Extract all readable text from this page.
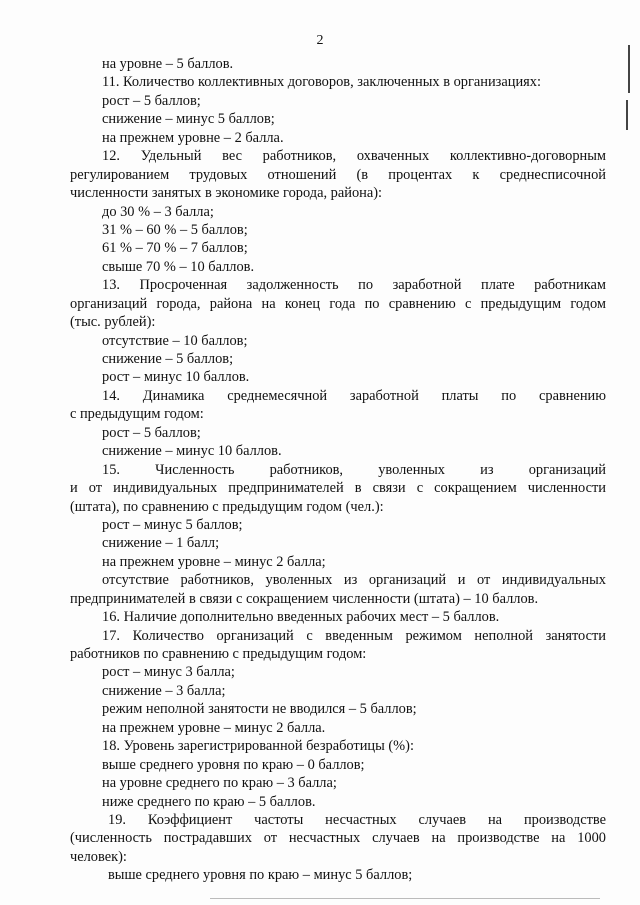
2
на уровне – 5 баллов.
11. Количество коллективных договоров, заключенных в организациях:
рост – 5 баллов;
снижение – минус 5 баллов;
на прежнем уровне – 2 балла.
12. Удельный вес работников, охваченных коллективно-договорным
регулированием трудовых отношений (в процентах к среднесписочной
численности занятых в экономике города, района):
до 30 % – 3 балла;
31 % – 60 % – 5 баллов;
61 % – 70 % – 7 баллов;
свыше 70 % – 10 баллов.
13. Просроченная задолженность по заработной плате работникам
организаций города, района на конец года по сравнению с предыдущим годом
(тыс. рублей):
отсутствие – 10 баллов;
снижение – 5 баллов;
рост – минус 10 баллов.
14. Динамика среднемесячной заработной платы по сравнению
с предыдущим годом:
рост – 5 баллов;
снижение – минус 10 баллов.
15. Численность работников, уволенных из организаций
и от индивидуальных предпринимателей в связи с сокращением численности
(штата), по сравнению с предыдущим годом (чел.):
рост – минус 5 баллов;
снижение – 1 балл;
на прежнем уровне – минус 2 балла;
отсутствие работников, уволенных из организаций и от индивидуальных
предпринимателей в связи с сокращением численности (штата) – 10 баллов.
16. Наличие дополнительно введенных рабочих мест – 5 баллов.
17. Количество организаций с введенным режимом неполной занятости
работников по сравнению с предыдущим годом:
рост – минус 3 балла;
снижение – 3 балла;
режим неполной занятости не вводился – 5 баллов;
на прежнем уровне – минус 2 балла.
18. Уровень зарегистрированной безработицы (%):
выше среднего уровня по краю – 0 баллов;
на уровне среднего по краю – 3 балла;
ниже среднего по краю – 5 баллов.
19. Коэффициент частоты несчастных случаев на производстве
(численность пострадавших от несчастных случаев на производстве на 1000
человек):
выше среднего уровня по краю – минус 5 баллов;
